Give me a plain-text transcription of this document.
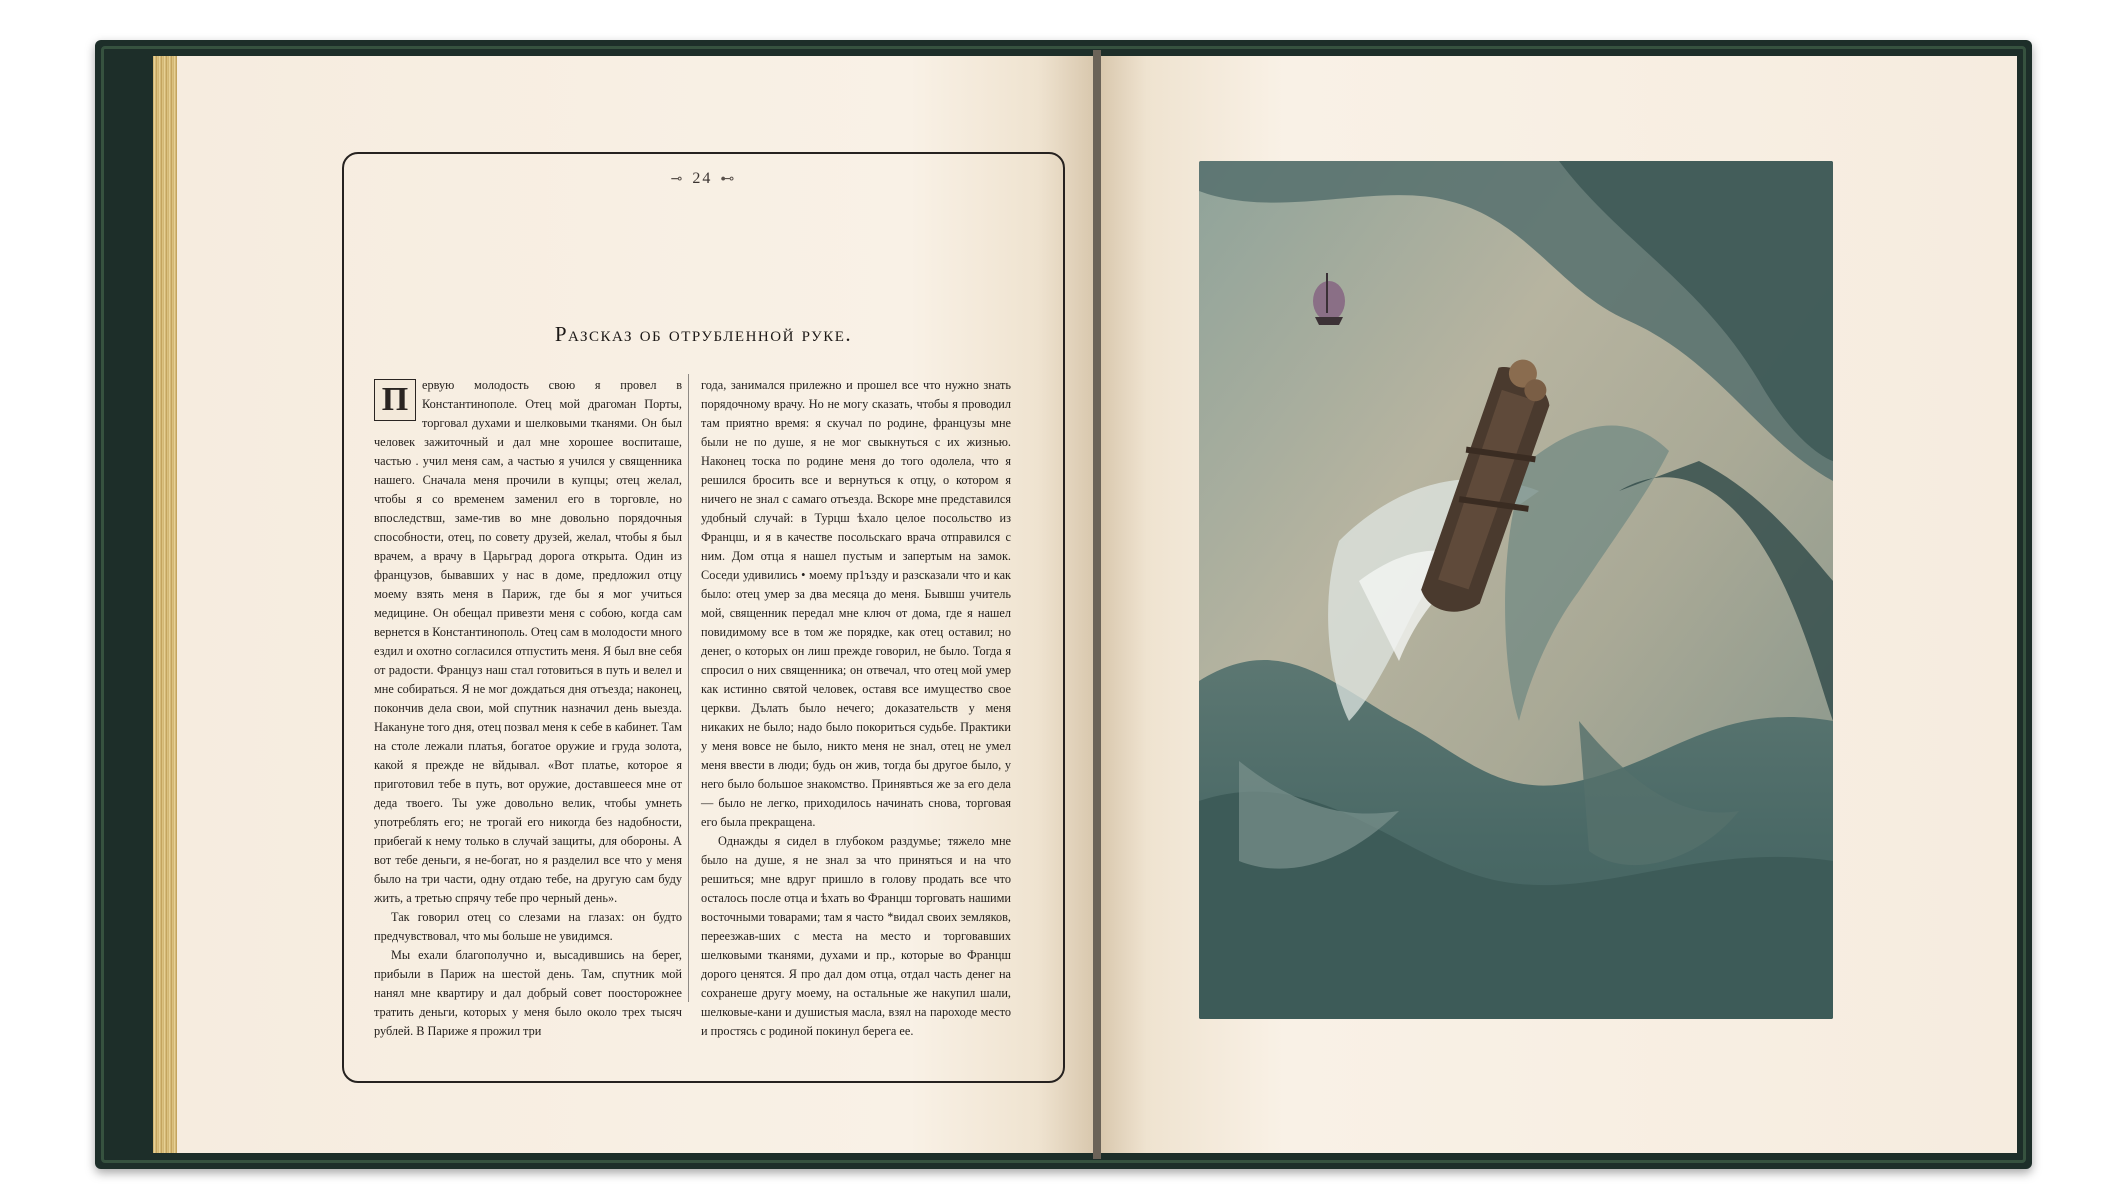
⊸ 24 ⊷
Разсказ об отрубленной руке.

П	ервую молодость свою я провел в Константинополе. Отец мой драгоман Порты, торговал духами и шелковыми тканями. Он был человек зажиточный и дал мне хорошее воспиташе, частью . учил меня сам, а частью я учился у священника нашего. Сначала меня прочили в купцы; отец желал, чтобы я со временем заменил его в торговле, но впоследствш, заме-тив во мне довольно порядочныя способности, отец, по совету друзей, желал, чтобы я был врачем, а врачу в Царьград дорога открыта. Один из французов, бывавших у нас в доме, предложил отцу моему взять меня в Париж, где бы я мог учиться медицине. Он обещал привезти меня с собою, когда сам вернется в Константинополь. Отец сам в молодости много ездил и охотно согласился отпустить меня. Я был вне себя от радости. Француз наш стал готовиться в путь и велел и мне собираться. Я не мог дождаться дня отъезда; наконец, покончив дела свои, мой спутник назначил день выезда. Накануне того дня, отец позвал меня к себе в кабинет. Там на столе лежали платья, богатое оружие и груда золота, какой я прежде не вйдывал. «Вот платье, которое я приготовил тебе в путь, вот оружие, доставшееся мне от деда твоего. Ты уже довольно велик, чтобы умнеть употреблять его; не трогай его никогда без надобности, прибегай к нему только в случай защиты, для обороны. А вот тебе деньги, я не-богат, но я разделил все что у меня было на три части, одну отдаю тебе, на другую сам буду жить, а третью спрячу тебе про черный день».

Так говорил отец со слезами на глазах: он будто предчувствовал, что мы больше не увидимся.

Мы ехали благополучно и, высадившись на берег, прибыли в Париж на шестой день. Там, спутник мой нанял мне квартиру и дал добрый совет поосторожнее тратить деньги, которых у меня было около трех тысяч рублей. В Париже я прожил три

года, занимался прилежно и прошел все что нужно знать порядочному врачу. Но не могу сказать, чтобы я проводил там приятно время: я скучал по родине, французы мне были не по душе, я не мог свыкнуться с их жизнью. Наконец тоска по родине меня до того одолела, что я решился бросить все и вернуться к отцу, о котором я ничего не знал с самаго отъезда. Вскоре мне представился удобный случай: в Турцш ѣхало целое посольство из Францш, и я в качестве посольскаго врача отправился с ним. Дом отца я нашел пустым и запертым на замок. Соседи удивились • моему пр1ъзду и разсказали что и как было: отец умер за два месяца до меня. Бывшш учитель мой, священник передал мне ключ от дома, где я нашел повидимому все в том же порядке, как отец оставил; но денег, о которых он лиш прежде говорил, не было. Тогда я спросил о них священника; он отвечал, что отец мой умер как истинно святой человек, оставя все имущество свое церкви. Дълать было нечего; доказательств у меня никаких не было; надо было покориться судьбе. Практики у меня вовсе не было, никто меня не знал, отец не умел меня ввести в люди; будь он жив, тогда бы другое было, у него было большое знакомство. Принявться же за его дела — было не легко, приходилось начинать снова, торговая его была прекращена.

Однажды я сидел в глубоком раздумье; тяжело мне было на душе, я не знал за что приняться и на что решиться; мне вдруг пришло в голову продать все что осталось после отца и ѣхать во Францш торговать нашими восточными товарами; там я часто *видал своих земляков, переезжав-ших с места на место и торговавших шелковыми тканями, духами и пр., которые во Францш дорого ценятся. Я про дал дом отца, отдал часть денег на сохранеше другу моему, на остальные же накупил шали, шелковые-кани и душистыя масла, взял на пароходе место и простясь с родиной покинул берега ее.
